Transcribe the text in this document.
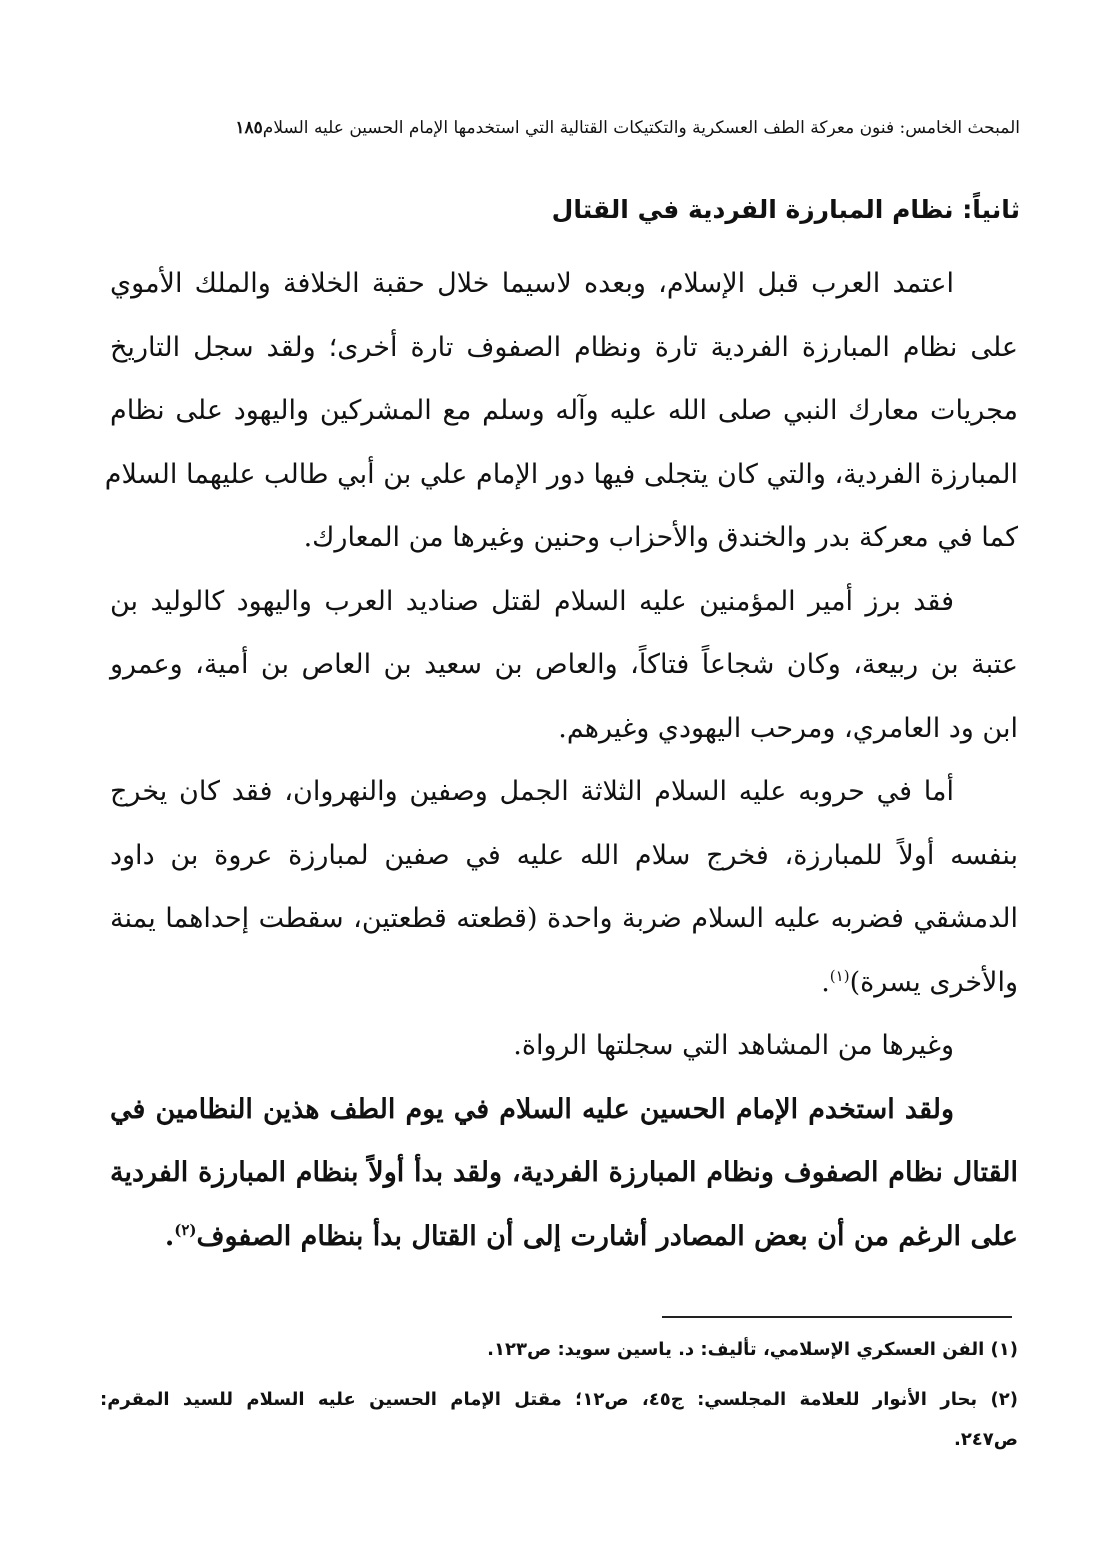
المبحث الخامس: فنون معركة الطف العسكرية والتكتيكات القتالية التي استخدمها الإمام الحسين عليه السلام١٨٥
ثانياً: نظام المبارزة الفردية في القتال
اعتمد العرب قبل الإسلام، وبعده لاسيما خلال حقبة الخلافة والملك الأموي
على نظام المبارزة الفردية تارة ونظام الصفوف تارة أخرى؛ ولقد سجل التاريخ
مجريات معارك النبي صلى الله عليه وآله وسلم مع المشركين واليهود على نظام
المبارزة الفردية، والتي كان يتجلى فيها دور الإمام علي بن أبي طالب عليهما السلام
كما في معركة بدر والخندق والأحزاب وحنين وغيرها من المعارك.
فقد برز أمير المؤمنين عليه السلام لقتل صناديد العرب واليهود كالوليد بن
عتبة بن ربيعة، وكان شجاعاً فتاكاً، والعاص بن سعيد بن العاص بن أمية، وعمرو
ابن ود العامري، ومرحب اليهودي وغيرهم.
أما في حروبه عليه السلام الثلاثة الجمل وصفين والنهروان، فقد كان يخرج
بنفسه أولاً للمبارزة، فخرج سلام الله عليه في صفين لمبارزة عروة بن داود
الدمشقي فضربه عليه السلام ضربة واحدة (قطعته قطعتين، سقطت إحداهما يمنة
والأخرى يسرة)$^{(١)}$.
وغيرها من المشاهد التي سجلتها الرواة.
ولقد استخدم الإمام الحسين عليه السلام في يوم الطف هذين النظامين في
القتال نظام الصفوف ونظام المبارزة الفردية، ولقد بدأ أولاً بنظام المبارزة الفردية
على الرغم من أن بعض المصادر أشارت إلى أن القتال بدأ بنظام الصفوف$^{(٢)}$.
(١) الفن العسكري الإسلامي، تأليف: د. ياسين سويد: ص١٢٣.
(٢) بحار الأنوار للعلامة المجلسي: ج٤٥، ص١٢؛ مقتل الإمام الحسين عليه السلام للسيد المقرم:
ص٢٤٧.
